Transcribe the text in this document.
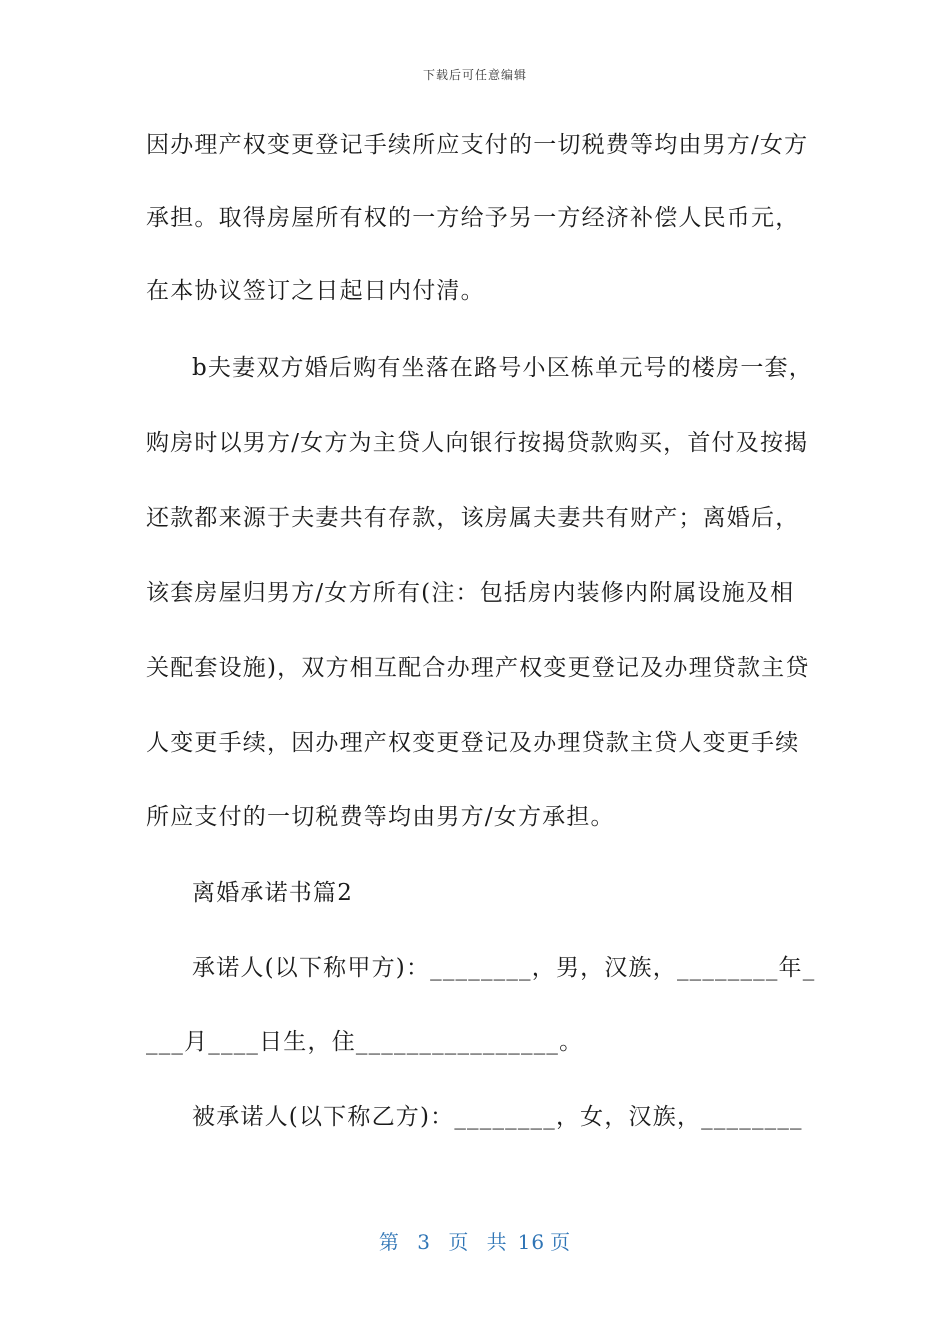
下载后可任意编辑
因办理产权变更登记手续所应支付的一切税费等均由男方/女方
承担。取得房屋所有权的一方给予另一方经济补偿人民币元，
在本协议签订之日起日内付清。
b夫妻双方婚后购有坐落在路号小区栋单元号的楼房一套，
购房时以男方/女方为主贷人向银行按揭贷款购买，首付及按揭
还款都来源于夫妻共有存款，该房属夫妻共有财产；离婚后，
该套房屋归男方/女方所有(注：包括房内装修内附属设施及相
关配套设施)，双方相互配合办理产权变更登记及办理贷款主贷
人变更手续，因办理产权变更登记及办理贷款主贷人变更手续
所应支付的一切税费等均由男方/女方承担。
离婚承诺书篇2
承诺人(以下称甲方)：________，男，汉族，________年_
___月____日生，住________________。
被承诺人(以下称乙方)：________，女，汉族，________
第 3 页 共 16 页
